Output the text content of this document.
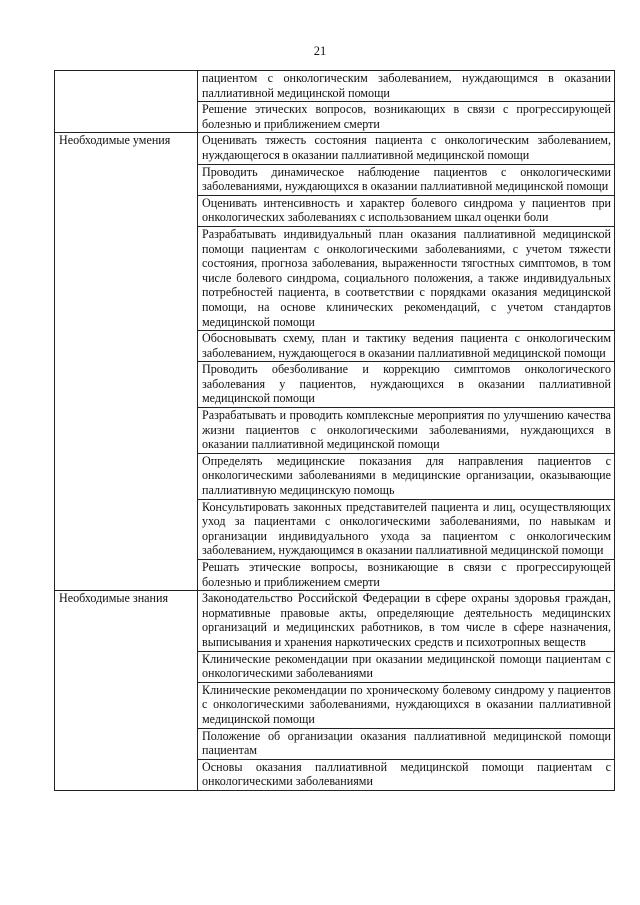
21
	пациентом с онкологическим заболеванием, нуждающимся в оказании паллиативной медицинской помощи
	Решение этических вопросов, возникающих в связи с прогрессирующей болезнью и приближением смерти
Необходимые умения	Оценивать тяжесть состояния пациента с онкологическим заболеванием, нуждающегося в оказании паллиативной медицинской помощи
	Проводить динамическое наблюдение пациентов с онкологическими заболеваниями, нуждающихся в оказании паллиативной медицинской помощи
	Оценивать интенсивность и характер болевого синдрома у пациентов при онкологических заболеваниях с использованием шкал оценки боли
	Разрабатывать индивидуальный план оказания паллиативной медицинской помощи пациентам с онкологическими заболеваниями, с учетом тяжести состояния, прогноза заболевания, выраженности тягостных симптомов, в том числе болевого синдрома, социального положения, а также индивидуальных потребностей пациента, в соответствии с порядками оказания медицинской помощи, на основе клинических рекомендаций, с учетом стандартов медицинской помощи
	Обосновывать схему, план и тактику ведения пациента с онкологическим заболеванием, нуждающегося в оказании паллиативной медицинской помощи
	Проводить обезболивание и коррекцию симптомов онкологического заболевания у пациентов, нуждающихся в оказании паллиативной медицинской помощи
	Разрабатывать и проводить комплексные мероприятия по улучшению качества жизни пациентов с онкологическими заболеваниями, нуждающихся в оказании паллиативной медицинской помощи
	Определять медицинские показания для направления пациентов с онкологическими заболеваниями в медицинские организации, оказывающие паллиативную медицинскую помощь
	Консультировать законных представителей пациента и лиц, осуществляющих уход за пациентами с онкологическими заболеваниями, по навыкам и организации индивидуального ухода за пациентом с онкологическим заболеванием, нуждающимся в оказании паллиативной медицинской помощи
	Решать этические вопросы, возникающие в связи с прогрессирующей болезнью и приближением смерти
Необходимые знания	Законодательство Российской Федерации в сфере охраны здоровья граждан, нормативные правовые акты, определяющие деятельность медицинских организаций и медицинских работников, в том числе в сфере назначения, выписывания и хранения наркотических средств и психотропных веществ
	Клинические рекомендации при оказании медицинской помощи пациентам с онкологическими заболеваниями
	Клинические рекомендации по хроническому болевому синдрому у пациентов с онкологическими заболеваниями, нуждающихся в оказании паллиативной медицинской помощи
	Положение об организации оказания паллиативной медицинской помощи пациентам
	Основы оказания паллиативной медицинской помощи пациентам с онкологическими заболеваниями
